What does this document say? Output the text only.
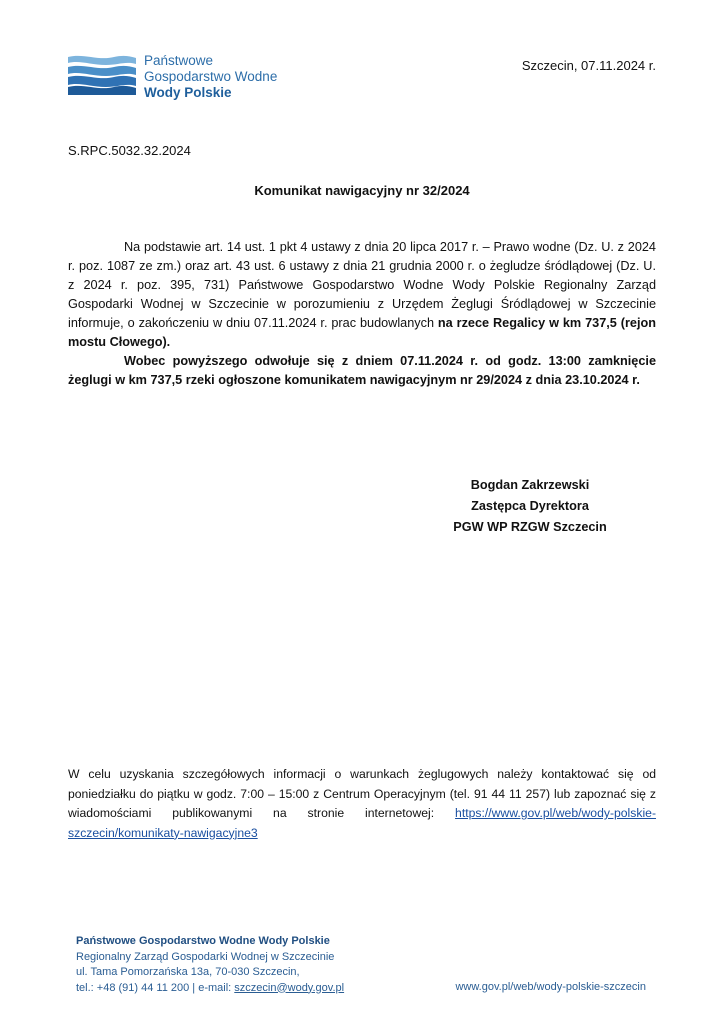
Państwowe
Gospodarstwo Wodne
Wody Polskie
Szczecin, 07.11.2024 r.
S.RPC.5032.32.2024
Komunikat nawigacyjny nr 32/2024

Na podstawie art. 14 ust. 1 pkt 4 ustawy z dnia 20 lipca 2017 r. – Prawo wodne (Dz. U. z 2024 r. poz. 1087 ze zm.) oraz art. 43 ust. 6 ustawy z dnia 21 grudnia 2000 r. o żegludze śródlądowej (Dz. U. z 2024 r. poz. 395, 731) Państwowe Gospodarstwo Wodne Wody Polskie Regionalny Zarząd Gospodarki Wodnej w Szczecinie w porozumieniu z Urzędem Żeglugi Śródlądowej w Szczecinie informuje, o zakończeniu w dniu 07.11.2024 r. prac budowlanych na rzece Regalicy w km 737,5 (rejon mostu Cłowego).

Wobec powyższego odwołuje się z dniem 07.11.2024 r. od godz. 13:00 zamknięcie żeglugi w km 737,5 rzeki ogłoszone komunikatem nawigacyjnym nr 29/2024 z dnia 23.10.2024 r.

Bogdan Zakrzewski
Zastępca Dyrektora
PGW WP RZGW Szczecin
W celu uzyskania szczegółowych informacji o warunkach żeglugowych należy kontaktować się od poniedziałku do piątku w godz. 7:00 – 15:00 z Centrum Operacyjnym (tel. 91 44 11 257) lub zapoznać się z wiadomościami publikowanymi na stronie internetowej: https://www.gov.pl/web/wody-polskie-szczecin/komunikaty-nawigacyjne3
Państwowe Gospodarstwo Wodne Wody Polskie
Regionalny Zarząd Gospodarki Wodnej w Szczecinie
ul. Tama Pomorzańska 13a, 70-030 Szczecin,
tel.: +48 (91) 44 11 200 | e-mail: szczecin@wody.gov.pl	www.gov.pl/web/wody-polskie-szczecin
